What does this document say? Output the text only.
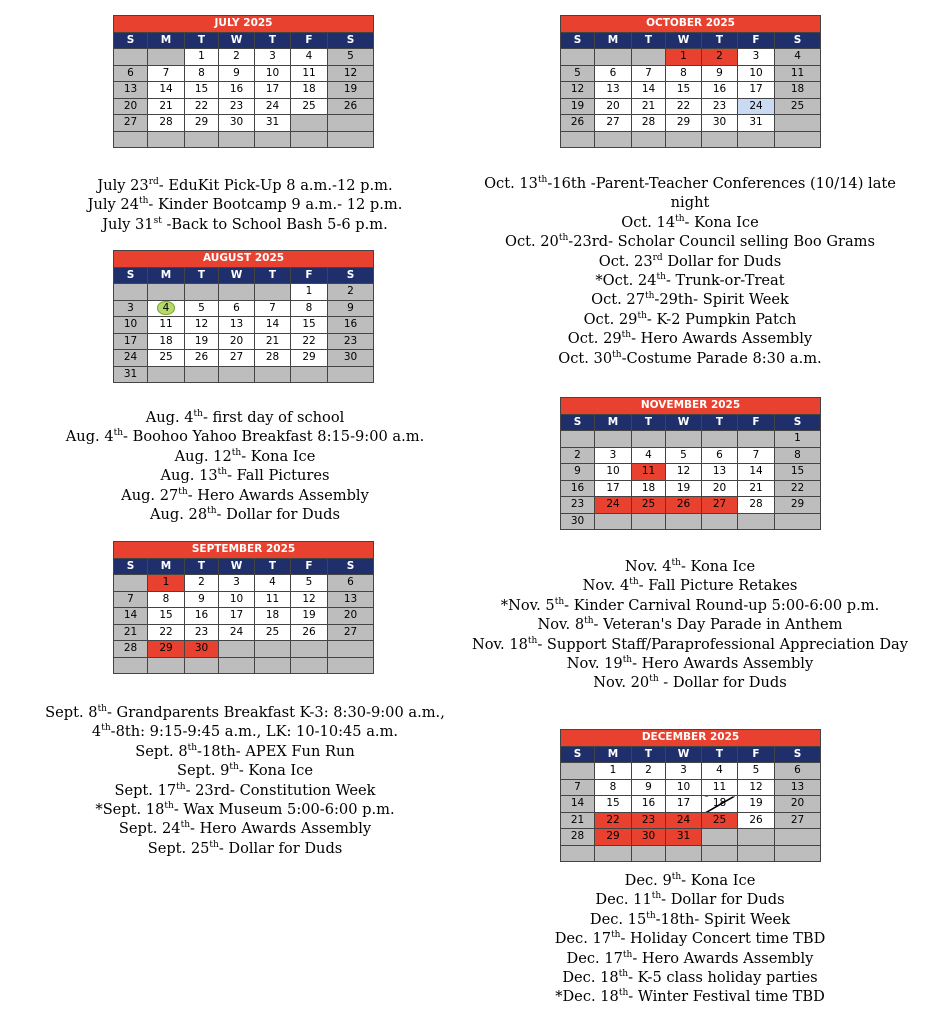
JULY 2025						
S	M	T	W	T	F	S
		1	2	3	4	5
6	7	8	9	10	11	12
13	14	15	16	17	18	19
20	21	22	23	24	25	26
27	28	29	30	31		

July 23rd- EduKit Pick-Up 8 a.m.-12 p.m.
July 24th- Kinder Bootcamp 9 a.m.- 12 p.m.
July 31st -Back to School Bash 5-6 p.m.
AUGUST 2025						
S	M	T	W	T	F	S
					1	2
3	4	5	6	7	8	9
10	11	12	13	14	15	16
17	18	19	20	21	22	23
24	25	26	27	28	29	30
31						
Aug. 4th- first day of school
Aug. 4th- Boohoo Yahoo Breakfast 8:15-9:00 a.m.
Aug. 12th- Kona Ice
Aug. 13th- Fall Pictures
Aug. 27th- Hero Awards Assembly
Aug. 28th- Dollar for Duds
SEPTEMBER 2025						
S	M	T	W	T	F	S
	1	2	3	4	5	6
7	8	9	10	11	12	13
14	15	16	17	18	19	20
21	22	23	24	25	26	27
28	29	30				

Sept. 8th- Grandparents Breakfast K-3: 8:30-9:00 a.m.,
4th-8th: 9:15-9:45 a.m., LK: 10-10:45 a.m.
Sept. 8th-18th- APEX Fun Run
Sept. 9th- Kona Ice
Sept. 17th- 23rd- Constitution Week
*Sept. 18th- Wax Museum 5:00-6:00 p.m.
Sept. 24th- Hero Awards Assembly
Sept. 25th- Dollar for Duds
OCTOBER 2025						
S	M	T	W	T	F	S
			1	2	3	4
5	6	7	8	9	10	11
12	13	14	15	16	17	18
19	20	21	22	23	24	25
26	27	28	29	30	31	

Oct. 13th-16th -Parent-Teacher Conferences (10/14) late night
Oct. 14th- Kona Ice
Oct. 20th-23rd- Scholar Council selling Boo Grams
Oct. 23rd Dollar for Duds
*Oct. 24th- Trunk-or-Treat
Oct. 27th-29th- Spirit Week
Oct. 29th- K-2 Pumpkin Patch
Oct. 29th- Hero Awards Assembly
Oct. 30th-Costume Parade 8:30 a.m.
NOVEMBER 2025						
S	M	T	W	T	F	S
						1
2	3	4	5	6	7	8
9	10	11	12	13	14	15
16	17	18	19	20	21	22
23	24	25	26	27	28	29
30						
Nov. 4th- Kona Ice
Nov. 4th- Fall Picture Retakes
*Nov. 5th- Kinder Carnival Round-up 5:00-6:00 p.m.
Nov. 8th- Veteran's Day Parade in Anthem
Nov. 18th- Support Staff/Paraprofessional Appreciation Day
Nov. 19th- Hero Awards Assembly
Nov. 20th - Dollar for Duds
DECEMBER 2025						
S	M	T	W	T	F	S
	1	2	3	4	5	6
7	8	9	10	11	12	13
14	15	16	17	18	19	20
21	22	23	24	25	26	27
28	29	30	31			

Dec. 9th- Kona Ice
Dec. 11th- Dollar for Duds
Dec. 15th-18th- Spirit Week
Dec. 17th- Holiday Concert time TBD
Dec. 17th- Hero Awards Assembly
Dec. 18th- K-5 class holiday parties
*Dec. 18th- Winter Festival time TBD
